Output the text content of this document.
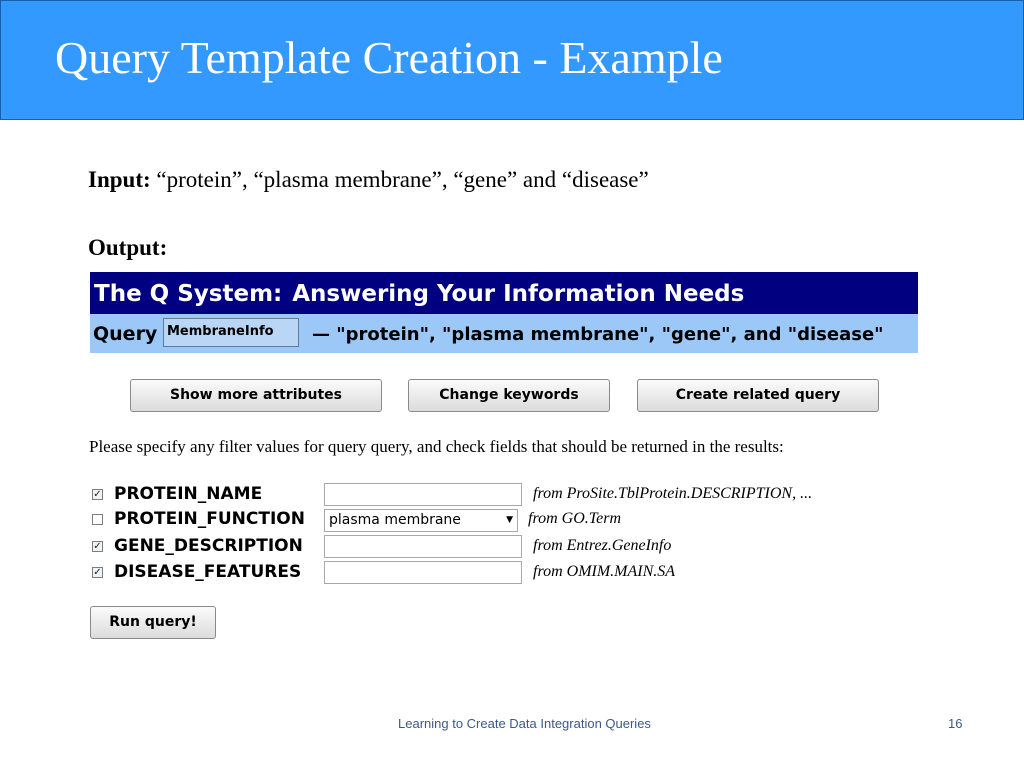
Query Template Creation - Example
Input: “protein”, “plasma membrane”, “gene” and “disease”
Output:
The Q System: Answering Your Information Needs
Query MembraneInfo	— "protein", "plasma membrane", "gene", and "disease"
Show more attributes	Change keywords	Create related query
Please specify any filter values for query query, and check fields that should be returned in the results:
✓ PROTEIN_NAME	from ProSite.TblProtein.DESCRIPTION, ...
PROTEIN_FUNCTION	plasma membrane	▼ from GO.Term
✓ GENE_DESCRIPTION	from Entrez.GeneInfo
✓ DISEASE_FEATURES	from OMIM.MAIN.SA
Run query!
Learning to Create Data Integration Queries	16
